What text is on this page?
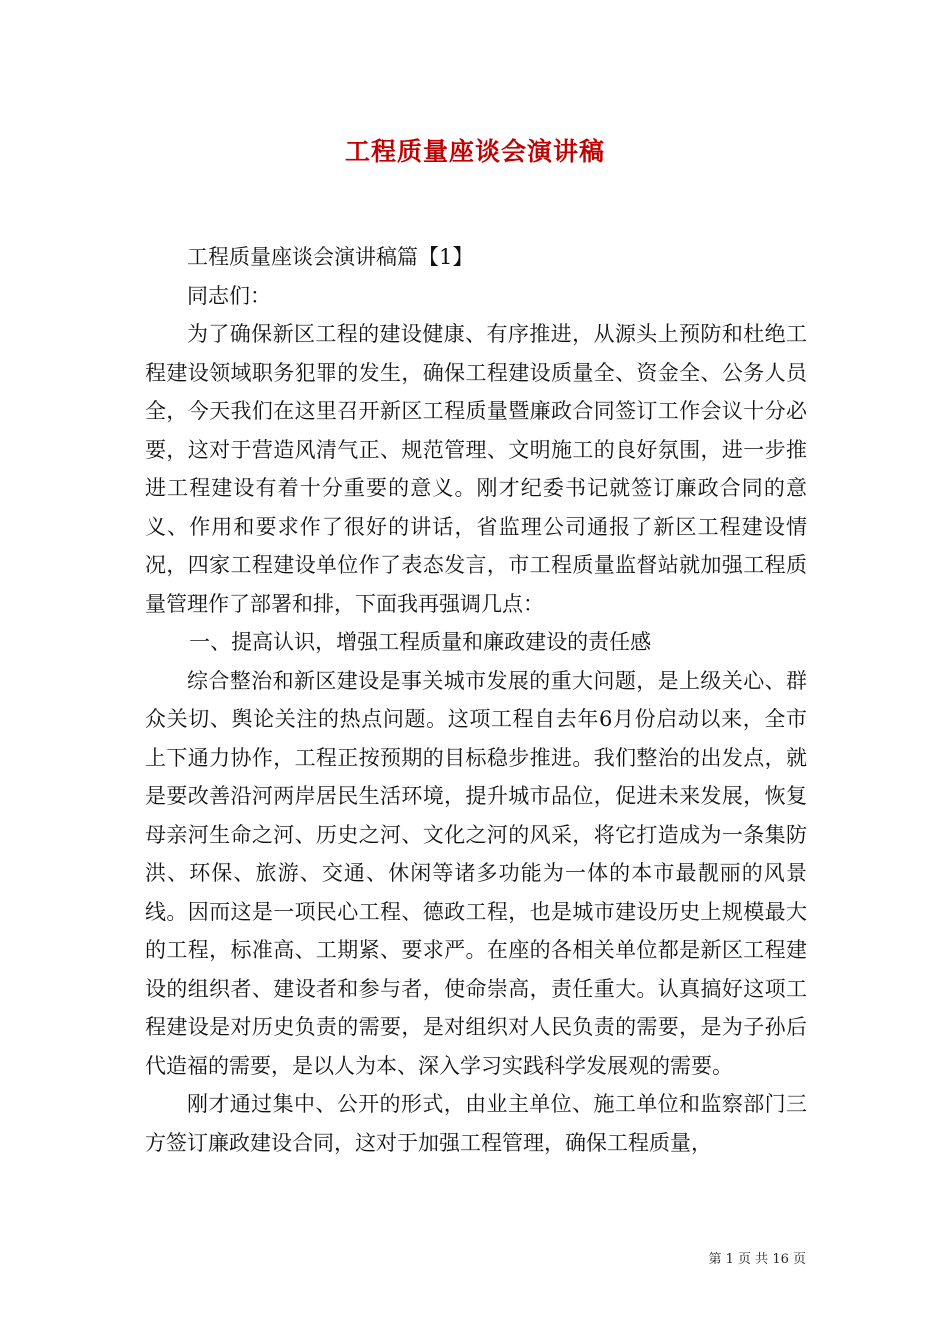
工程质量座谈会演讲稿

工程质量座谈会演讲稿篇【1】

同志们：

为了确保新区工程的建设健康、有序推进，从源头上预防和杜绝工程建设领域职务犯罪的发生，确保工程建设质量全、资金全、公务人员全，今天我们在这里召开新区工程质量暨廉政合同签订工作会议十分必要，这对于营造风清气正、规范管理、文明施工的良好氛围，进一步推进工程建设有着十分重要的意义。刚才纪委书记就签订廉政合同的意义、作用和要求作了很好的讲话，省监理公司通报了新区工程建设情况，四家工程建设单位作了表态发言，市工程质量监督站就加强工程质量管理作了部署和排，下面我再强调几点：

一、提高认识，增强工程质量和廉政建设的责任感

综合整治和新区建设是事关城市发展的重大问题，是上级关心、群众关切、舆论关注的热点问题。这项工程自去年6月份启动以来，全市上下通力协作，工程正按预期的目标稳步推进。我们整治的出发点，就是要改善沿河两岸居民生活环境，提升城市品位，促进未来发展，恢复母亲河生命之河、历史之河、文化之河的风采，将它打造成为一条集防洪、环保、旅游、交通、休闲等诸多功能为一体的本市最靓丽的风景线。因而这是一项民心工程、德政工程，也是城市建设历史上规模最大的工程，标准高、工期紧、要求严。在座的各相关单位都是新区工程建设的组织者、建设者和参与者，使命崇高，责任重大。认真搞好这项工程建设是对历史负责的需要，是对组织对人民负责的需要，是为子孙后代造福的需要，是以人为本、深入学习实践科学发展观的需要。

刚才通过集中、公开的形式，由业主单位、施工单位和监察部门三方签订廉政建设合同，这对于加强工程管理，确保工程质量，

第 1 页 共 16 页
